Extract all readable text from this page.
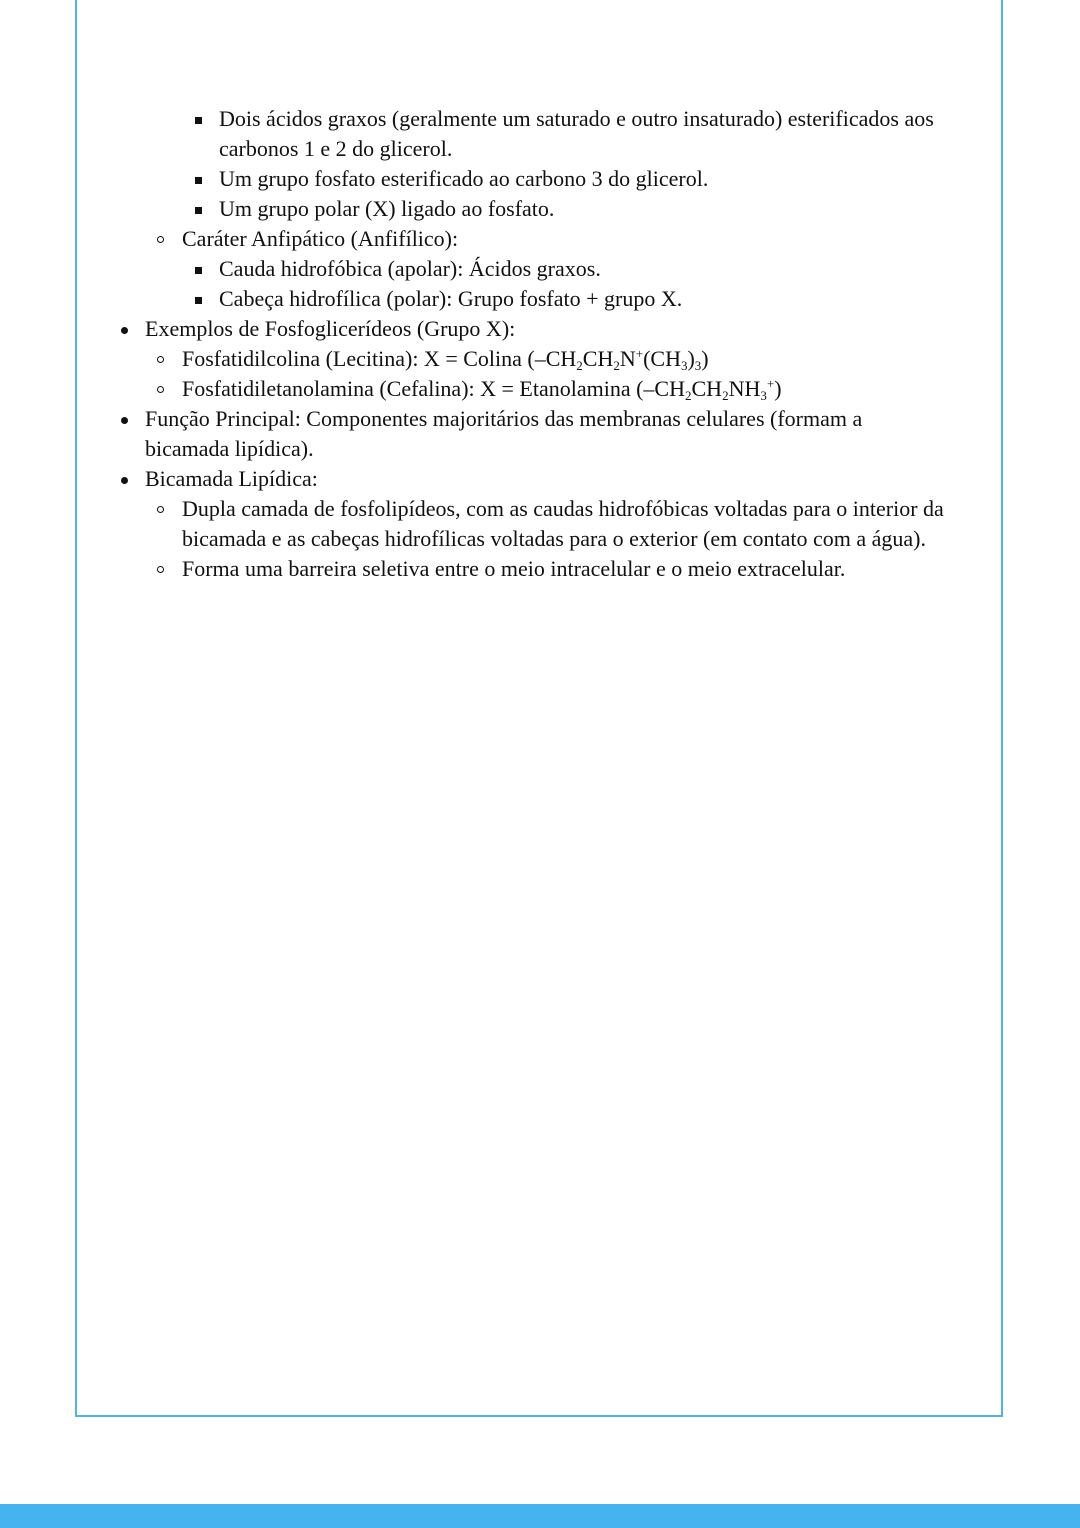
Dois ácidos graxos (geralmente um saturado e outro insaturado) esterificados aos
carbonos 1 e 2 do glicerol.
Um grupo fosfato esterificado ao carbono 3 do glicerol.
Um grupo polar (X) ligado ao fosfato.
Caráter Anfipático (Anfifílico):
Cauda hidrofóbica (apolar): Ácidos graxos.
Cabeça hidrofílica (polar): Grupo fosfato + grupo X.
Exemplos de Fosfoglicerídeos (Grupo X):
Fosfatidilcolina (Lecitina): X = Colina $(-CH_2CH_2N^+(CH_3)_3)$
Fosfatidiletanolamina (Cefalina): X = Etanolamina $(-CH_2CH_2NH_3^+)$
Função Principal: Componentes majoritários das membranas celulares (formam a
bicamada lipídica).
Bicamada Lipídica:
Dupla camada de fosfolipídeos, com as caudas hidrofóbicas voltadas para o interior da
bicamada e as cabeças hidrofílicas voltadas para o exterior (em contato com a água).
Forma uma barreira seletiva entre o meio intracelular e o meio extracelular.
